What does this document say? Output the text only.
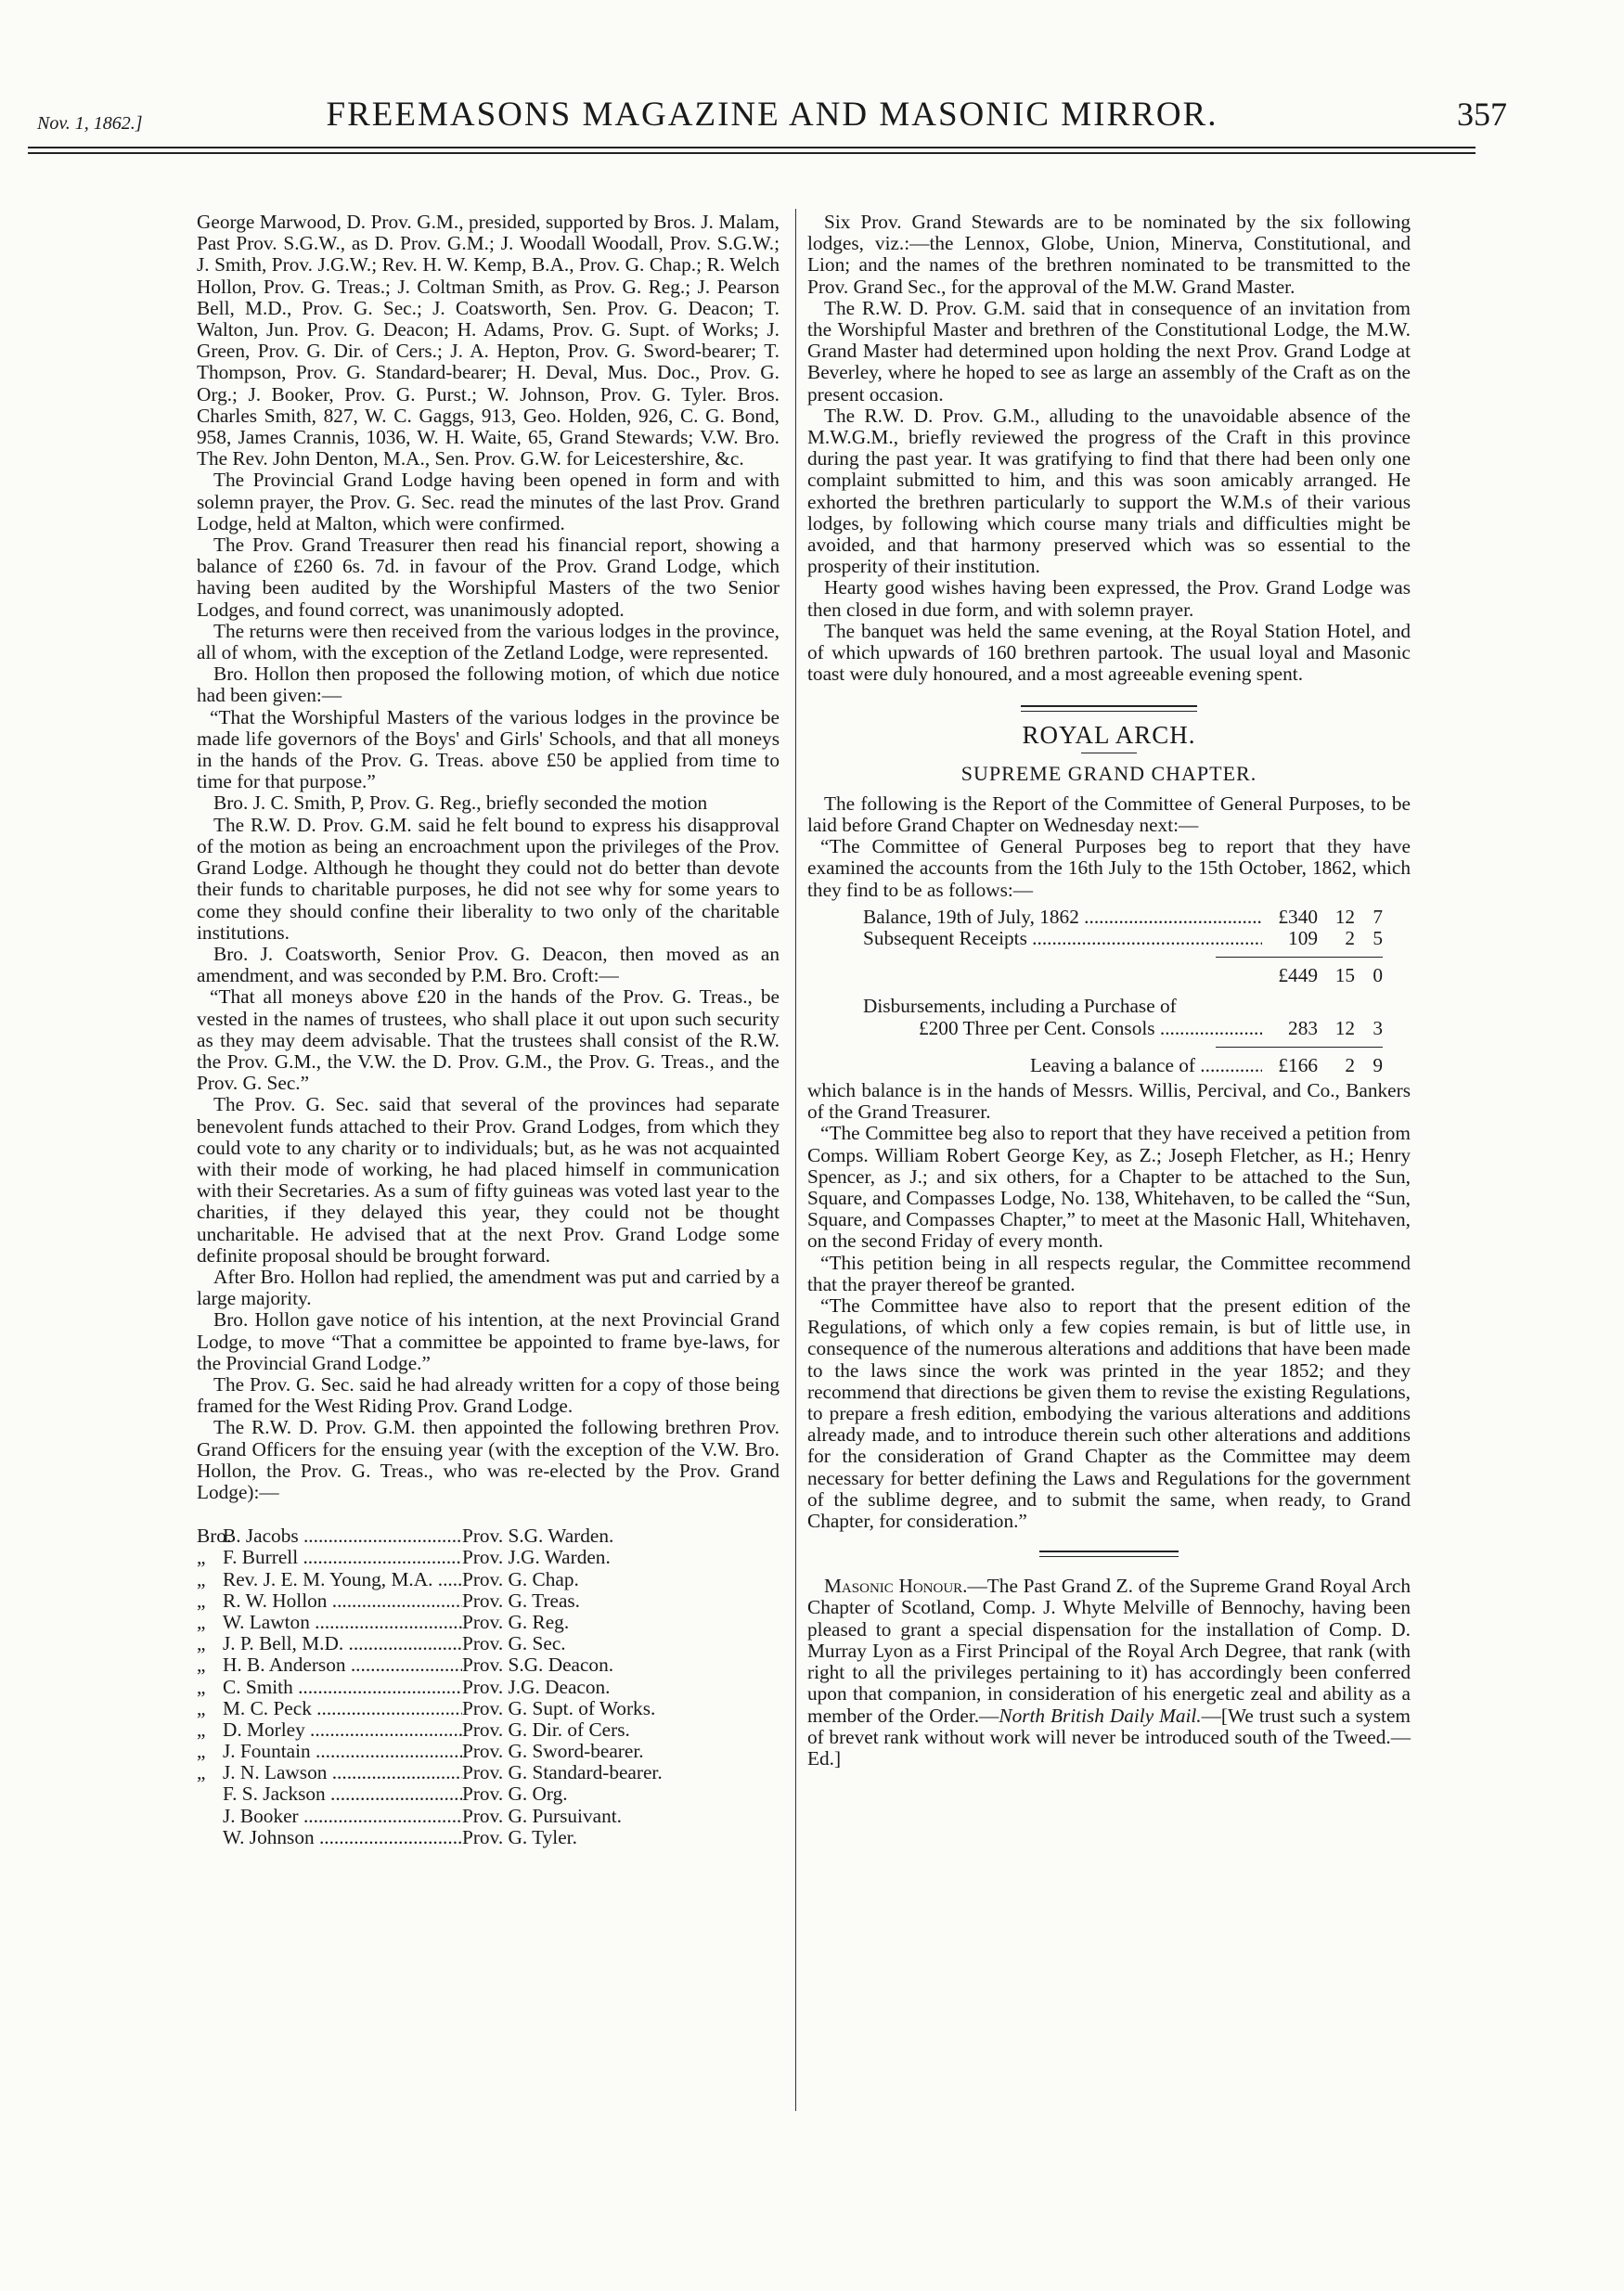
Nov. 1, 1862.]	FREEMASONS MAGAZINE AND MASONIC MIRROR.	357

George Marwood, D. Prov. G.M., presided, supported by Bros. J. Malam, Past Prov. S.G.W., as D. Prov. G.M.; J. Woodall Woodall, Prov. S.G.W.; J. Smith, Prov. J.G.W.; Rev. H. W. Kemp, B.A., Prov. G. Chap.; R. Welch Hollon, Prov. G. Treas.; J. Coltman Smith, as Prov. G. Reg.; J. Pearson Bell, M.D., Prov. G. Sec.; J. Coatsworth, Sen. Prov. G. Deacon; T. Walton, Jun. Prov. G. Deacon; H. Adams, Prov. G. Supt. of Works; J. Green, Prov. G. Dir. of Cers.; J. A. Hepton, Prov. G. Sword-bearer; T. Thompson, Prov. G. Standard-bearer; H. Deval, Mus. Doc., Prov. G. Org.; J. Booker, Prov. G. Purst.; W. Johnson, Prov. G. Tyler. Bros. Charles Smith, 827, W. C. Gaggs, 913, Geo. Holden, 926, C. G. Bond, 958, James Crannis, 1036, W. H. Waite, 65, Grand Stewards; V.W. Bro. The Rev. John Denton, M.A., Sen. Prov. G.W. for Leicestershire, &c.

The Provincial Grand Lodge having been opened in form and with solemn prayer, the Prov. G. Sec. read the minutes of the last Prov. Grand Lodge, held at Malton, which were confirmed.

The Prov. Grand Treasurer then read his financial report, showing a balance of £260 6s. 7d. in favour of the Prov. Grand Lodge, which having been audited by the Worshipful Masters of the two Senior Lodges, and found correct, was unanimously adopted.

The returns were then received from the various lodges in the province, all of whom, with the exception of the Zetland Lodge, were represented.

Bro. Hollon then proposed the following motion, of which due notice had been given:—

“That the Worshipful Masters of the various lodges in the province be made life governors of the Boys' and Girls' Schools, and that all moneys in the hands of the Prov. G. Treas. above £50 be applied from time to time for that purpose.”

Bro. J. C. Smith, P, Prov. G. Reg., briefly seconded the motion

The R.W. D. Prov. G.M. said he felt bound to express his disapproval of the motion as being an encroachment upon the privileges of the Prov. Grand Lodge. Although he thought they could not do better than devote their funds to charitable purposes, he did not see why for some years to come they should confine their liberality to two only of the charitable institutions.

Bro. J. Coatsworth, Senior Prov. G. Deacon, then moved as an amendment, and was seconded by P.M. Bro. Croft:—

“That all moneys above £20 in the hands of the Prov. G. Treas., be vested in the names of trustees, who shall place it out upon such security as they may deem advisable. That the trustees shall consist of the R.W. the Prov. G.M., the V.W. the D. Prov. G.M., the Prov. G. Treas., and the Prov. G. Sec.”

The Prov. G. Sec. said that several of the provinces had separate benevolent funds attached to their Prov. Grand Lodges, from which they could vote to any charity or to individuals; but, as he was not acquainted with their mode of working, he had placed himself in communication with their Secretaries. As a sum of fifty guineas was voted last year to the charities, if they delayed this year, they could not be thought uncharitable. He advised that at the next Prov. Grand Lodge some definite proposal should be brought forward.

After Bro. Hollon had replied, the amendment was put and carried by a large majority.

Bro. Hollon gave notice of his intention, at the next Provincial Grand Lodge, to move “That a committee be appointed to frame bye-laws, for the Provincial Grand Lodge.”

The Prov. G. Sec. said he had already written for a copy of those being framed for the West Riding Prov. Grand Lodge.

The R.W. D. Prov. G.M. then appointed the following brethren Prov. Grand Officers for the ensuing year (with the exception of the V.W. Bro. Hollon, the Prov. G. Treas., who was re-elected by the Prov. Grand Lodge):—

Bro.
B. Jacobs .....	Prov. S.G. Warden.
„ F. Burrell .....	Prov. J.G. Warden.
„ Rev. J. E. M. Young, M.A. .....	Prov. G. Chap.
„ R. W. Hollon .....	Prov. G. Treas.
„ W. Lawton .....	Prov. G. Reg.
„ J. P. Bell, M.D. .....	Prov. G. Sec.
„ H. B. Anderson .....	Prov. S.G. Deacon.
„ C. Smith .....	Prov. J.G. Deacon.
„ M. C. Peck .....	Prov. G. Supt. of Works.
„ D. Morley .....	Prov. G. Dir. of Cers.
„ J. Fountain .....	Prov. G. Sword-bearer.
„ J. N. Lawson .....	Prov. G. Standard-bearer.
F. S. Jackson .....	Prov. G. Org.
J. Booker .....	Prov. G. Pursuivant.
W. Johnson .....	Prov. G. Tyler.

Six Prov. Grand Stewards are to be nominated by the six following lodges, viz.:—the Lennox, Globe, Union, Minerva, Constitutional, and Lion; and the names of the brethren nominated to be transmitted to the Prov. Grand Sec., for the approval of the M.W. Grand Master.

The R.W. D. Prov. G.M. said that in consequence of an invitation from the Worshipful Master and brethren of the Constitutional Lodge, the M.W. Grand Master had determined upon holding the next Prov. Grand Lodge at Beverley, where he hoped to see as large an assembly of the Craft as on the present occasion.

The R.W. D. Prov. G.M., alluding to the unavoidable absence of the M.W.G.M., briefly reviewed the progress of the Craft in this province during the past year. It was gratifying to find that there had been only one complaint submitted to him, and this was soon amicably arranged. He exhorted the brethren particularly to support the W.M.s of their various lodges, by following which course many trials and difficulties might be avoided, and that harmony preserved which was so essential to the prosperity of their institution.

Hearty good wishes having been expressed, the Prov. Grand Lodge was then closed in due form, and with solemn prayer.

The banquet was held the same evening, at the Royal Station Hotel, and of which upwards of 160 brethren partook. The usual loyal and Masonic toast were duly honoured, and a most agreeable evening spent.

ROYAL ARCH.
SUPREME GRAND CHAPTER.

The following is the Report of the Committee of General Purposes, to be laid before Grand Chapter on Wednesday next:—

“The Committee of General Purposes beg to report that they have examined the accounts from the 16th July to the 15th October, 1862, which they find to be as follows:—

Balance, 19th of July, 1862 .....	£340 12 7
Subsequent Receipts .....	109	2 5
£449 15 0
Disbursements, including a Purchase of
£200 Three per Cent. Consols .....	283 12 3
Leaving a balance of .....	£166	2 9

which balance is in the hands of Messrs. Willis, Percival, and Co., Bankers of the Grand Treasurer.

“The Committee beg also to report that they have received a petition from Comps. William Robert George Key, as Z.; Joseph Fletcher, as H.; Henry Spencer, as J.; and six others, for a Chapter to be attached to the Sun, Square, and Compasses Lodge, No. 138, Whitehaven, to be called the “Sun, Square, and Compasses Chapter,” to meet at the Masonic Hall, Whitehaven, on the second Friday of every month.

“This petition being in all respects regular, the Committee recommend that the prayer thereof be granted.

“The Committee have also to report that the present edition of the Regulations, of which only a few copies remain, is but of little use, in consequence of the numerous alterations and additions that have been made to the laws since the work was printed in the year 1852; and they recommend that directions be given them to revise the existing Regulations, to prepare a fresh edition, embodying the various alterations and additions already made, and to introduce therein such other alterations and additions for the consideration of Grand Chapter as the Committee may deem necessary for better defining the Laws and Regulations for the government of the sublime degree, and to submit the same, when ready, to Grand Chapter, for consideration.”

Masonic Honour.—The Past Grand Z. of the Supreme Grand Royal Arch Chapter of Scotland, Comp. J. Whyte Melville of Bennochy, having been pleased to grant a special dispensation for the installation of Comp. D. Murray Lyon as a First Principal of the Royal Arch Degree, that rank (with right to all the privileges pertaining to it) has accordingly been conferred upon that companion, in consideration of his energetic zeal and ability as a member of the Order.—North British Daily Mail.—[We trust such a system of brevet rank without work will never be introduced south of the Tweed.—Ed.]
